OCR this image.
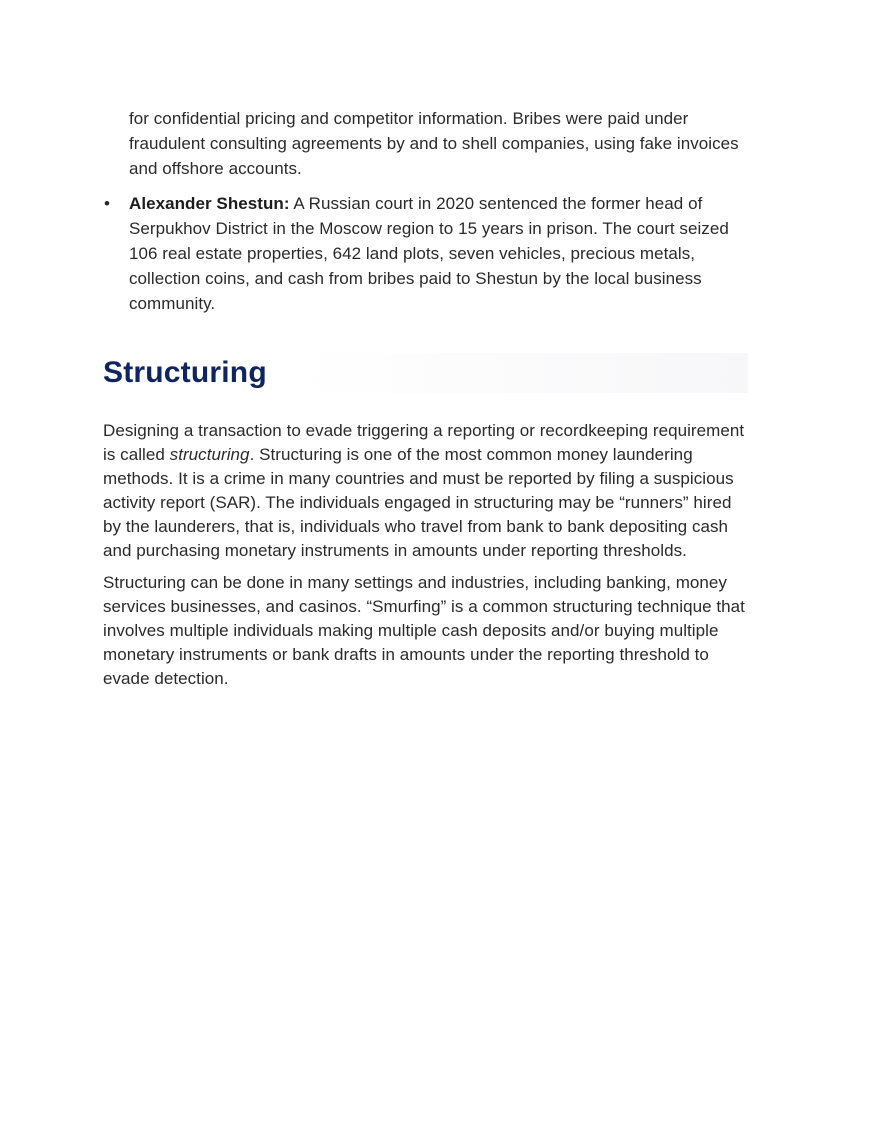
for confidential pricing and competitor information. Bribes were paid under fraudulent consulting agreements by and to shell companies, using fake invoices and offshore accounts.

• Alexander Shestun: A Russian court in 2020 sentenced the former head of Serpukhov District in the Moscow region to 15 years in prison. The court seized 106 real estate properties, 642 land plots, seven vehicles, precious metals, collection coins, and cash from bribes paid to Shestun by the local business community.
Structuring

Designing a transaction to evade triggering a reporting or recordkeeping requirement is called structuring. Structuring is one of the most common money laundering methods. It is a crime in many countries and must be reported by filing a suspicious activity report (SAR). The individuals engaged in structuring may be “runners” hired by the launderers, that is, individuals who travel from bank to bank depositing cash and purchasing monetary instruments in amounts under reporting thresholds.

Structuring can be done in many settings and industries, including banking, money services businesses, and casinos. “Smurfing” is a common structuring technique that involves multiple individuals making multiple cash deposits and/or buying multiple monetary instruments or bank drafts in amounts under the reporting threshold to evade detection.
